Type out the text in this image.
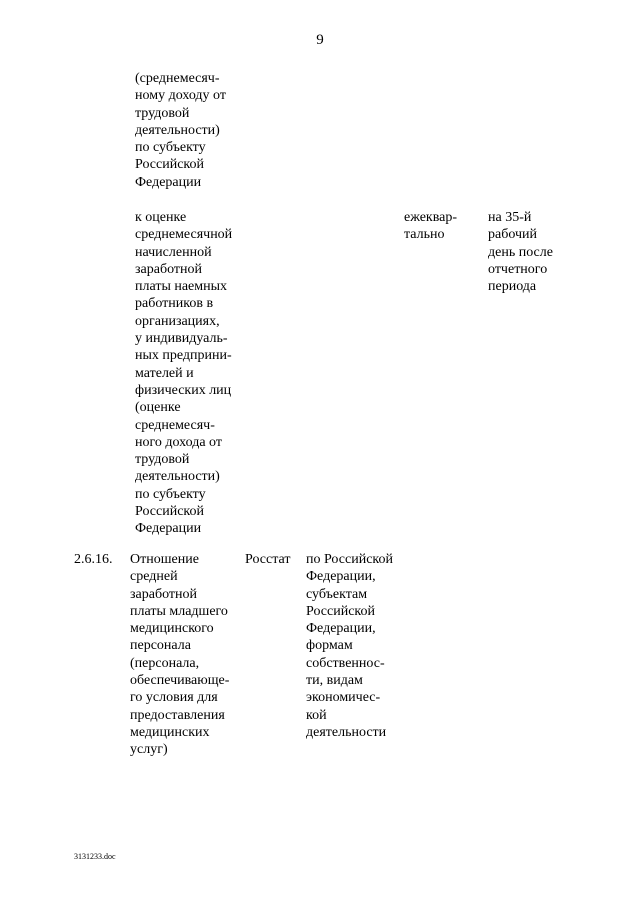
9
(среднемесяч-
ному доходу от
трудовой
деятельности)
по субъекту
Российской
Федерации
к оценке
среднемесячной
начисленной
заработной
платы наемных
работников в
организациях,
у индивидуаль-
ных предприни-
мателей и
физических лиц
(оценке
среднемесяч-
ного дохода от
трудовой
деятельности)
по субъекту
Российской
Федерации
ежеквар-
тально
на 35-й
рабочий
день после
отчетного
периода
2.6.16. Отношение
средней
заработной
платы младшего
медицинского
персонала
(персонала,
обеспечивающе-
го условия для
предоставления
медицинских
услуг)
Росстат по Российской
Федерации,
субъектам
Российской
Федерации,
формам
собственнос-
ти, видам
экономичес-
кой
деятельности
3131233.doc
